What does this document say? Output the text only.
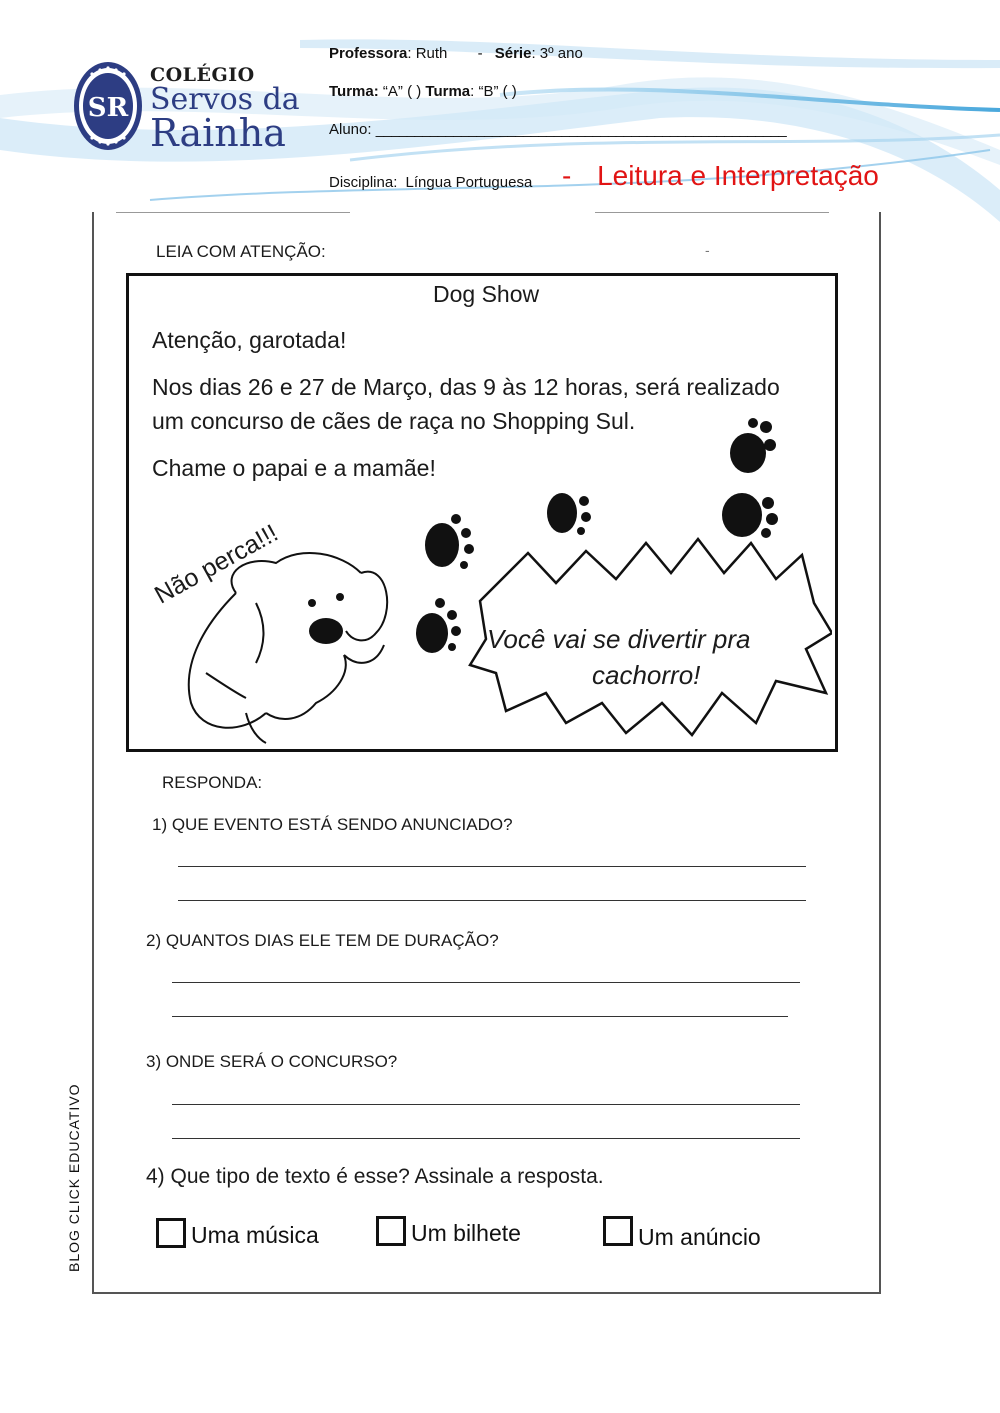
SR
COLÉGIO
Servos da
Rainha
Professora: Ruth - Série: 3º ano
Turma: “A” ( ) Turma: “B” ( )
Aluno: _____________________________________________________
Disciplina: Língua Portuguesa - Leitura e Interpretação
LEIA COM ATENÇÃO:	-
Dog Show
Atenção, garotada!
Nos dias 26 e 27 de Março, das 9 às 12 horas, será realizado
um concurso de cães de raça no Shopping Sul.
Chame o papai e a mamãe!
Não perca!!!
Você vai se divertir pra
cachorro!
RESPONDA:
1) QUE EVENTO ESTÁ SENDO ANUNCIADO?
2) QUANTOS DIAS ELE TEM DE DURAÇÃO?
3) ONDE SERÁ O CONCURSO?
4) Que tipo de texto é esse? Assinale a resposta.
Uma música	Um bilhete	Um anúncio
BLOG CLICK EDUCATIVO
